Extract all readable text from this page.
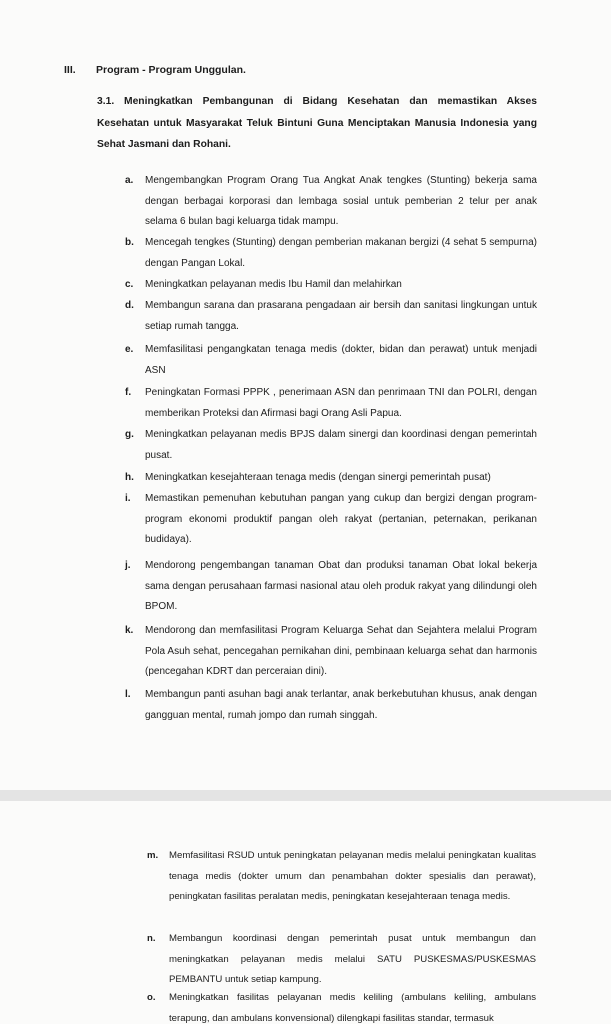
III. Program - Program Unggulan.
3.1. Meningkatkan Pembangunan di Bidang Kesehatan dan memastikan Akses Kesehatan untuk Masyarakat Teluk Bintuni Guna Menciptakan Manusia Indonesia yang Sehat Jasmani dan Rohani.
a.	Mengembangkan Program Orang Tua Angkat Anak tengkes (Stunting) bekerja sama dengan berbagai korporasi dan lembaga sosial untuk pemberian 2 telur per anak selama 6 bulan bagi keluarga tidak mampu.
b.	Mencegah tengkes (Stunting) dengan pemberian makanan bergizi (4 sehat 5 sempurna) dengan Pangan Lokal.
c.	Meningkatkan pelayanan medis Ibu Hamil dan melahirkan
d.	Membangun sarana dan prasarana pengadaan air bersih dan sanitasi lingkungan untuk setiap rumah tangga.
e.	Memfasilitasi pengangkatan tenaga medis (dokter, bidan dan perawat) untuk menjadi ASN
f.	Peningkatan Formasi PPPK , penerimaan ASN dan penrimaan TNI dan POLRI, dengan memberikan Proteksi dan Afirmasi bagi Orang Asli Papua.
g.	Meningkatkan pelayanan medis BPJS dalam sinergi dan koordinasi dengan pemerintah pusat.
h.	Meningkatkan kesejahteraan tenaga medis (dengan sinergi pemerintah pusat)
i.	Memastikan pemenuhan kebutuhan pangan yang cukup dan bergizi dengan program-program ekonomi produktif pangan oleh rakyat (pertanian, peternakan, perikanan budidaya).
j.	Mendorong pengembangan tanaman Obat dan produksi tanaman Obat lokal bekerja sama dengan perusahaan farmasi nasional atau oleh produk rakyat yang dilindungi oleh BPOM.
k.	Mendorong dan memfasilitasi Program Keluarga Sehat dan Sejahtera melalui Program Pola Asuh sehat, pencegahan pernikahan dini, pembinaan keluarga sehat dan harmonis (pencegahan KDRT dan perceraian dini).
l.	Membangun panti asuhan bagi anak terlantar, anak berkebutuhan khusus, anak dengan gangguan mental, rumah jompo dan rumah singgah.
m.	Memfasilitasi RSUD untuk peningkatan pelayanan medis melalui peningkatan kualitas tenaga medis (dokter umum dan penambahan dokter spesialis dan perawat), peningkatan fasilitas peralatan medis, peningkatan kesejahteraan tenaga medis.
n.	Membangun koordinasi dengan pemerintah pusat untuk membangun dan meningkatkan pelayanan medis melalui SATU PUSKESMAS/PUSKESMAS PEMBANTU untuk setiap kampung.
o.	Meningkatkan fasilitas pelayanan medis keliling (ambulans keliling, ambulans terapung, dan ambulans konvensional) dilengkapi fasilitas standar, termasuk
